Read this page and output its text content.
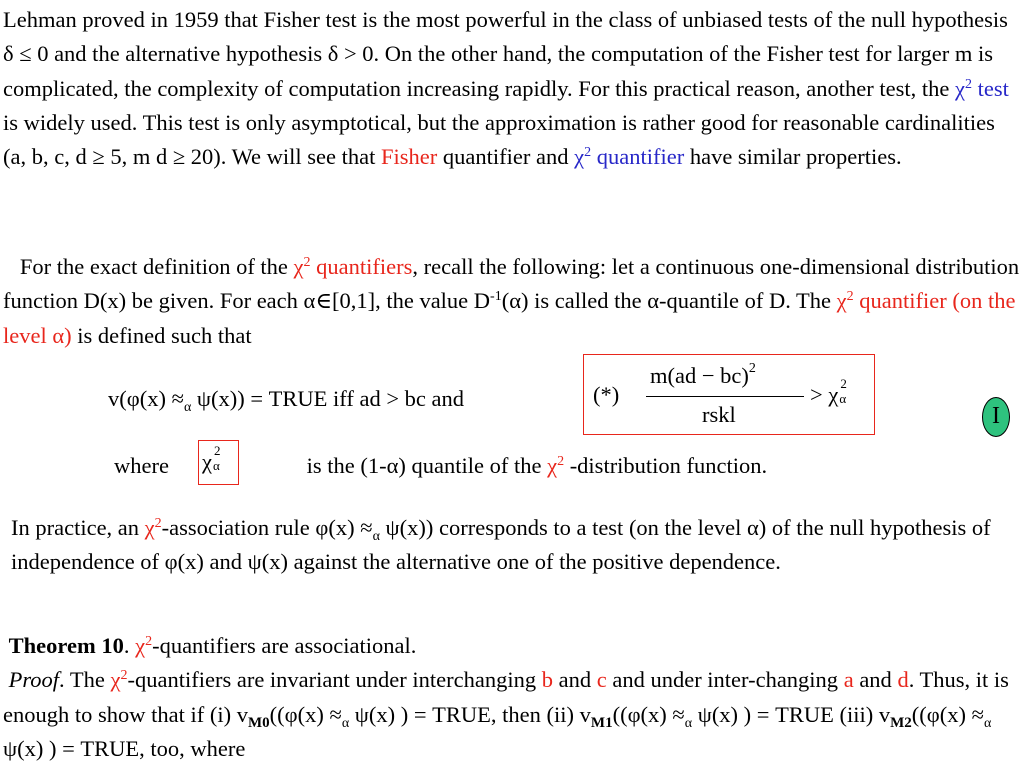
Lehman proved in 1959 that Fisher test is the most powerful in the class of unbiased tests of the null hypothesis δ ≤ 0 and the alternative hypothesis δ > 0. On the other hand, the computation of the Fisher test for larger m is complicated, the complexity of computation increasing rapidly. For this practical reason, another test, the $\chi^2$ test is widely used. This test is only asymptotical, but the approximation is rather good for reasonable cardinalities (a, b, c, d ≥ 5, m d ≥ 20). We will see that Fisher quantifier and $\chi^2$ quantifier have similar properties.
For the exact definition of the $\chi^2$ quantifiers, recall the following: let a continuous one-dimensional distribution function D(x) be given. For each α∈[0,1], the value $D^{-1}(\alpha)$ is called the α-quantile of D. The $\chi^2$ quantifier (on the level α) is defined such that
$v(\varphi(x) \approx_\alpha$ ψ(x)) = TRUE iff ad > bc and	(*)
m(ad − bc)$^2$
rskl
> χ 2
α
I
where	is the (1-α) quantile of the $\chi^2$ -distribution function.
χ 2
α
In practice, an $\chi^2$-association rule $\varphi(x) \approx_\alpha$ ψ(x)) corresponds to a test (on the level α) of the null hypothesis of independence of φ(x) and ψ(x) against the alternative one of the positive dependence.
Theorem 10. $\chi^2$-quantifiers are associational.
Proof. The $\chi^2$-quantifiers are invariant under interchanging b and c and under inter-changing a and d. Thus, it is enough to show that if (i) $v_{M0}((\varphi(x) \approx_\alpha$ ψ(x) ) = TRUE, then (ii) $v_{M1}((\varphi(x) \approx_\alpha$ ψ(x) ) = TRUE (iii) $v_{M2}((\varphi(x) \approx_\alpha$ ψ(x) ) = TRUE, too, where
